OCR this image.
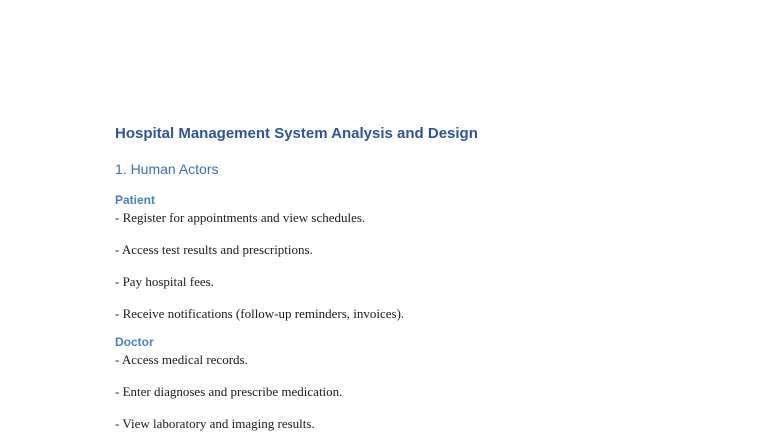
Hospital Management System Analysis and Design
1. Human Actors
Patient
- Register for appointments and view schedules.
- Access test results and prescriptions.
- Pay hospital fees.
- Receive notifications (follow-up reminders, invoices).
Doctor
- Access medical records.
- Enter diagnoses and prescribe medication.
- View laboratory and imaging results.
